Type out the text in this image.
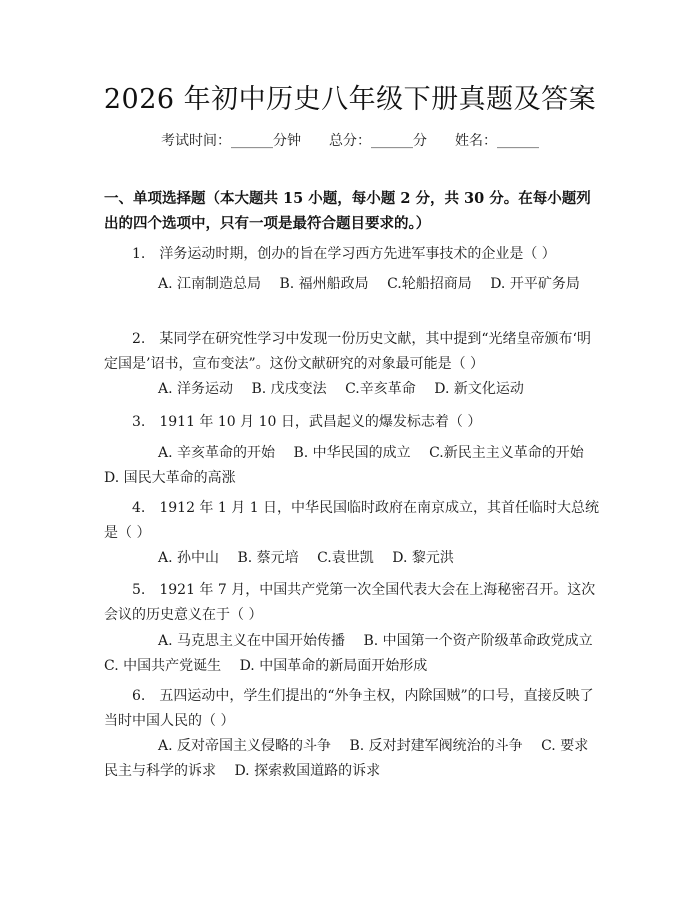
2026 年初中历史八年级下册真题及答案
考试时间：______分钟 总分：______分 姓名：______
一、单项选择题（本大题共 15 小题，每小题 2 分，共 30 分。在每小题列出的四个选项中，只有一项是最符合题目要求的。）

1.　洋务运动时期，创办的旨在学习西方先进军事技术的企业是（ ）

A. 江南制造总局　 B. 福州船政局　 C.轮船招商局　 D. 开平矿务局

2.　某同学在研究性学习中发现一份历史文献，其中提到“光绪皇帝颁布‘明定国是’诏书，宣布变法”。这份文献研究的对象最可能是（ ）

A. 洋务运动　 B. 戊戌变法　 C.辛亥革命　 D. 新文化运动

3.　1911 年 10 月 10 日，武昌起义的爆发标志着（ ）

A. 辛亥革命的开始　 B. 中华民国的成立　 C.新民主主义革命的开始 D. 国民大革命的高涨

4.　1912 年 1 月 1 日，中华民国临时政府在南京成立，其首任临时大总统是（ ）

A. 孙中山　 B. 蔡元培　 C.袁世凯　 D. 黎元洪

5.　1921 年 7 月，中国共产党第一次全国代表大会在上海秘密召开。这次会议的历史意义在于（ ）

A. 马克思主义在中国开始传播　 B. 中国第一个资产阶级革命政党成立 C. 中国共产党诞生　 D. 中国革命的新局面开始形成

6.　五四运动中，学生们提出的“外争主权，内除国贼”的口号，直接反映了当时中国人民的（ ）

A. 反对帝国主义侵略的斗争　 B. 反对封建军阀统治的斗争　 C. 要求民主与科学的诉求　 D. 探索救国道路的诉求
